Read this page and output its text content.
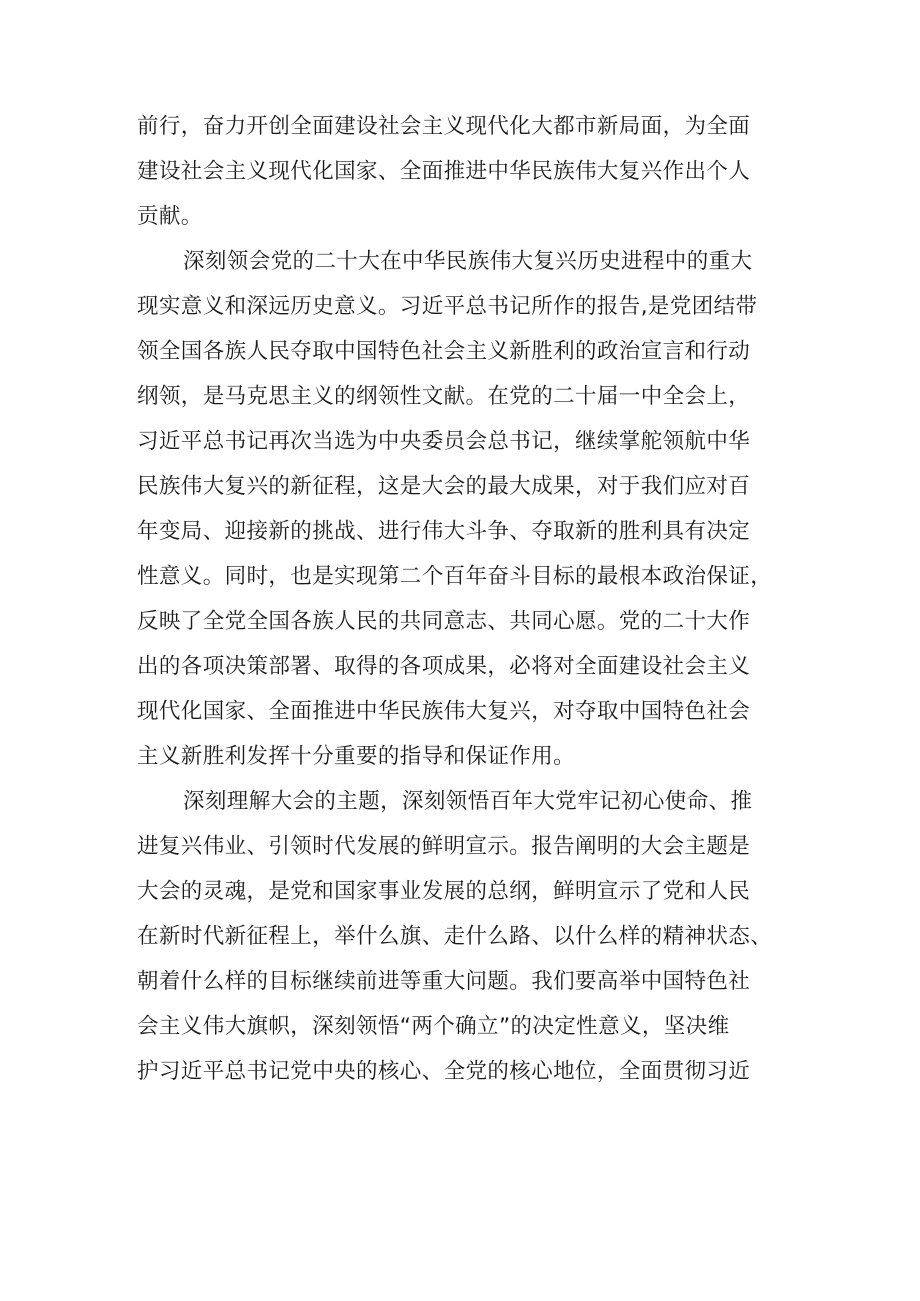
前行，奋力开创全面建设社会主义现代化大都市新局面，为全面
建设社会主义现代化国家、全面推进中华民族伟大复兴作出个人
贡献。
深刻领会党的二十大在中华民族伟大复兴历史进程中的重大
现实意义和深远历史意义。习近平总书记所作的报告,是党团结带
领全国各族人民夺取中国特色社会主义新胜利的政治宣言和行动
纲领，是马克思主义的纲领性文献。在党的二十届一中全会上，
习近平总书记再次当选为中央委员会总书记，继续掌舵领航中华
民族伟大复兴的新征程，这是大会的最大成果，对于我们应对百
年变局、迎接新的挑战、进行伟大斗争、夺取新的胜利具有决定
性意义。同时，也是实现第二个百年奋斗目标的最根本政治保证，
反映了全党全国各族人民的共同意志、共同心愿。党的二十大作
出的各项决策部署、取得的各项成果，必将对全面建设社会主义
现代化国家、全面推进中华民族伟大复兴，对夺取中国特色社会
主义新胜利发挥十分重要的指导和保证作用。
深刻理解大会的主题，深刻领悟百年大党牢记初心使命、推
进复兴伟业、引领时代发展的鲜明宣示。报告阐明的大会主题是
大会的灵魂，是党和国家事业发展的总纲，鲜明宣示了党和人民
在新时代新征程上，举什么旗、走什么路、以什么样的精神状态、
朝着什么样的目标继续前进等重大问题。我们要高举中国特色社
会主义伟大旗帜，深刻领悟“两个确立”的决定性意义，坚决维
护习近平总书记党中央的核心、全党的核心地位，全面贯彻习近
